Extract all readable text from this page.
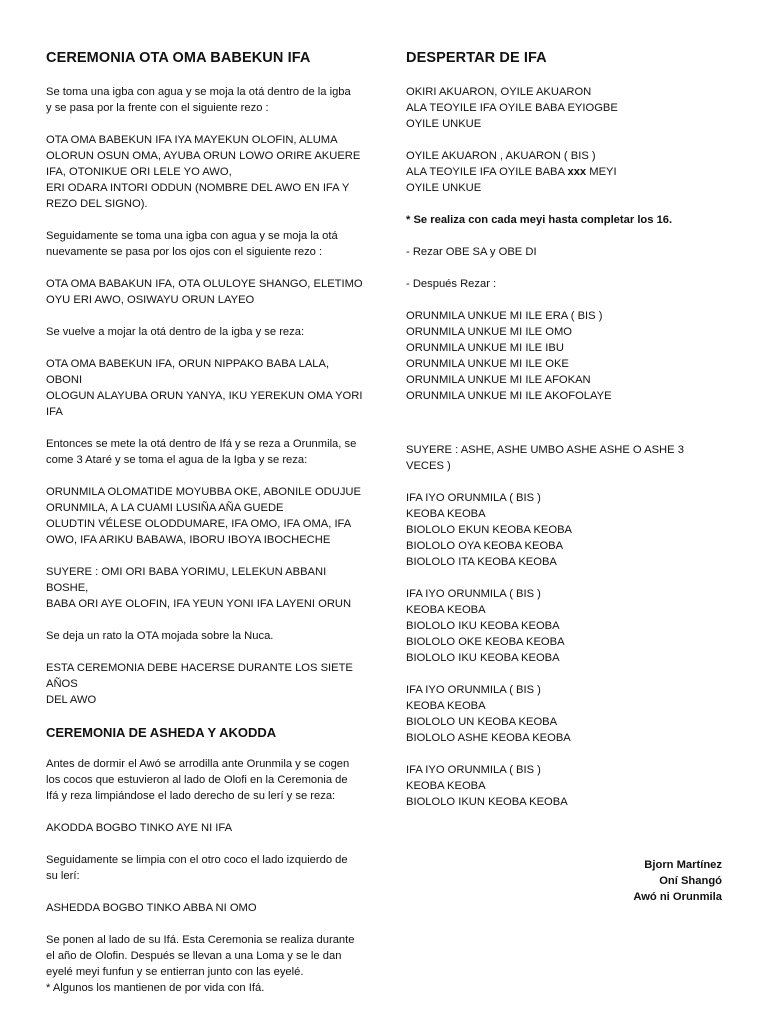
CEREMONIA OTA OMA BABEKUN IFA

Se toma una igba con agua y se moja la otá dentro de la igba
y se pasa por la frente con el siguiente rezo :

OTA OMA BABEKUN IFA IYA MAYEKUN OLOFIN, ALUMA
OLORUN OSUN OMA, AYUBA ORUN LOWO ORIRE AKUERE
IFA, OTONIKUE ORI LELE YO AWO,
ERI ODARA INTORI ODDUN (NOMBRE DEL AWO EN IFA Y
REZO DEL SIGNO).

Seguidamente se toma una igba con agua y se moja la otá
nuevamente se pasa por los ojos con el siguiente rezo :

OTA OMA BABAKUN IFA, OTA OLULOYE SHANGO, ELETIMO
OYU ERI AWO, OSIWAYU ORUN LAYEO

Se vuelve a mojar la otá dentro de la igba y se reza:

OTA OMA BABEKUN IFA, ORUN NIPPAKO BABA LALA, OBONI
OLOGUN ALAYUBA ORUN YANYA, IKU YEREKUN OMA YORI
IFA

Entonces se mete la otá dentro de Ifá y se reza a Orunmila, se
come 3 Ataré y se toma el agua de la Igba y se reza:

ORUNMILA OLOMATIDE MOYUBBA OKE, ABONILE ODUJUE
ORUNMILA, A LA CUAMI LUSIÑA AÑA GUEDE
OLUDTIN VÉLESE OLODDUMARE, IFA OMO, IFA OMA, IFA
OWO, IFA ARIKU BABAWA, IBORU IBOYA IBOCHECHE

SUYERE : OMI ORI BABA YORIMU, LELEKUN ABBANI BOSHE,
BABA ORI AYE OLOFIN, IFA YEUN YONI IFA LAYENI ORUN

Se deja un rato la OTA mojada sobre la Nuca.

ESTA CEREMONIA DEBE HACERSE DURANTE LOS SIETE AÑOS
DEL AWO

CEREMONIA DE ASHEDA Y AKODDA

Antes de dormir el Awó se arrodilla ante Orunmila y se cogen
los cocos que estuvieron al lado de Olofi en la Ceremonia de
Ifá y reza limpiándose el lado derecho de su lerí y se reza:

AKODDA BOGBO TINKO AYE NI IFA

Seguidamente se limpia con el otro coco el lado izquierdo de
su lerí:

ASHEDDA BOGBO TINKO ABBA NI OMO

Se ponen al lado de su Ifá. Esta Ceremonia se realiza durante
el año de Olofin. Después se llevan a una Loma y se le dan
eyelé meyi funfun y se entierran junto con las eyelé.
* Algunos los mantienen de por vida con Ifá.

DESPERTAR DE IFA

OKIRI AKUARON, OYILE AKUARON
ALA TEOYILE IFA OYILE BABA EYIOGBE
OYILE UNKUE

OYILE AKUARON , AKUARON ( BIS )
ALA TEOYILE IFA OYILE BABA xxx MEYI
OYILE UNKUE

* Se realiza con cada meyi hasta completar los 16.

- Rezar OBE SA y OBE DI

- Después Rezar :

ORUNMILA UNKUE MI ILE ERA ( BIS )
ORUNMILA UNKUE MI ILE OMO
ORUNMILA UNKUE MI ILE IBU
ORUNMILA UNKUE MI ILE OKE
ORUNMILA UNKUE MI ILE AFOKAN
ORUNMILA UNKUE MI ILE AKOFOLAYE

SUYERE : ASHE, ASHE UMBO ASHE ASHE O ASHE 3 VECES )

IFA IYO ORUNMILA ( BIS )
KEOBA KEOBA
BIOLOLO EKUN KEOBA KEOBA
BIOLOLO OYA KEOBA KEOBA
BIOLOLO ITA KEOBA KEOBA

IFA IYO ORUNMILA ( BIS )
KEOBA KEOBA
BIOLOLO IKU KEOBA KEOBA
BIOLOLO OKE KEOBA KEOBA
BIOLOLO IKU KEOBA KEOBA

IFA IYO ORUNMILA ( BIS )
KEOBA KEOBA
BIOLOLO UN KEOBA KEOBA
BIOLOLO ASHE KEOBA KEOBA

IFA IYO ORUNMILA ( BIS )
KEOBA KEOBA
BIOLOLO IKUN KEOBA KEOBA

Bjorn Martínez
Oní Shangó
Awó ni Orunmila
